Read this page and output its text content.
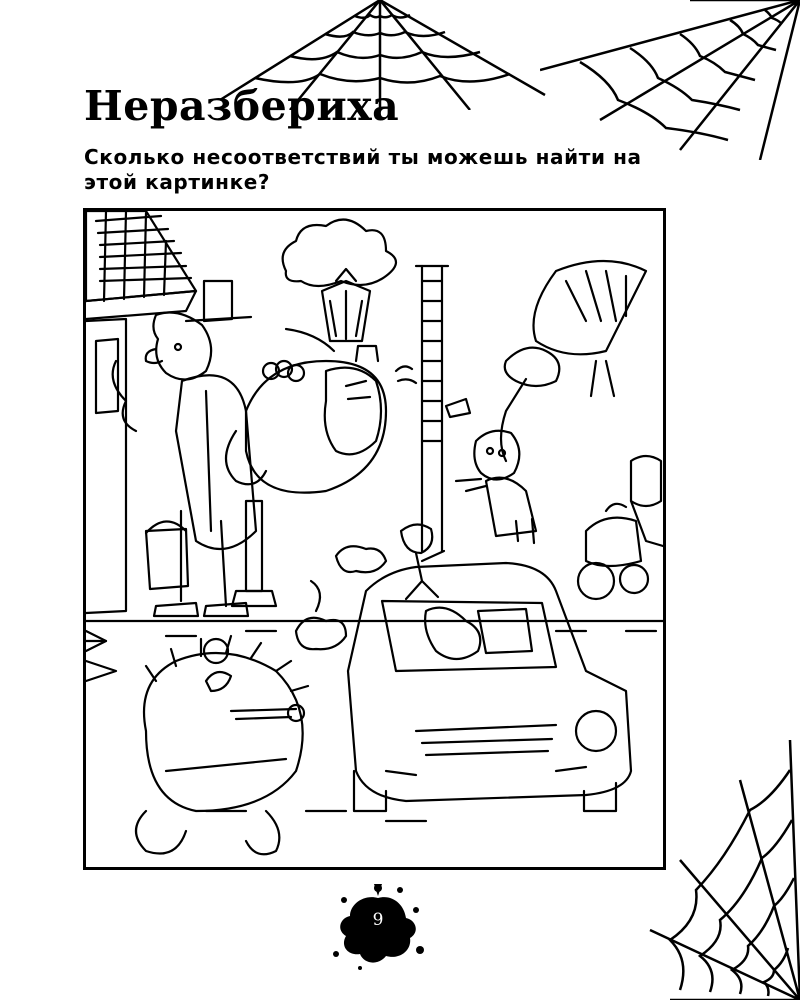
Неразбериха

Сколько несоответствий ты можешь найти на этой картинке?

9
